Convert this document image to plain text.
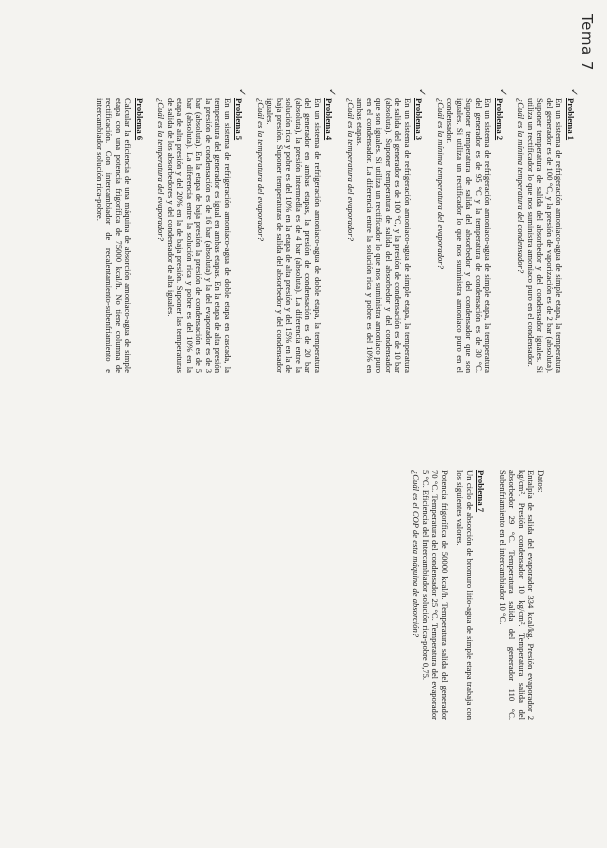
Tema 7
✓
Problema 1
En un sistema de refrigeración amoniaco-agua de simple etapa, la temperatura del generador es de 100 °C, y la presión de vaporización es de 2 bar (absoluta). Suponer temperatura de salida del absorbedor y del condensador iguales. Si utiliza un rectificador lo que nos suministra amoniaco puro en el condensador.
¿Cuál es la mínima temperatura del condensador?
✓
Problema 2
En un sistema de refrigeración amoniaco-agua de simple etapa, la temperatura del generador es de 95 °C y la temperatura de condensación es de 30 °C. Suponer temperatura de salida del absorbedor y del condensador que son iguales. Si utiliza un rectificador lo que nos suministra amoniaco puro en el condensador.
¿Cuál es la mínima temperatura del evaporador?
✓
Problema 3
En un sistema de refrigeración amoniaco-agua de simple etapa, la temperatura de salida del generador es de 100 °C, y la presión de condensación es de 10 bar (absoluta). Suponer temperatura de salida del absorbedor y del condensador que son iguales. Si utiliza un rectificador lo que nos suministra amoniaco puro en el condensador. La diferencia entre la solución rica y pobre es del 10% en ambas etapas.
¿Cuál es la temperatura del evaporador?
✓
Problema 4
En un sistema de refrigeración amoniaco-agua de doble etapa, la temperatura del generador en ambas etapas, la presión de condensación es de 20 bar (absoluta), la presión intermedia es de 4 bar (absoluta). La diferencia entre la solución rica y pobre es del 10% en la etapa de alta presión y del 15% en la de baja presión. Suponer temperaturas de salida del absorbedor y del condensador iguales.
¿Cuál es la temperatura del evaporador?
✓
Problema 5
En un sistema de refrigeración amoniaco-agua de doble etapa en cascada, la temperatura del generador es igual en ambas etapas. En la etapa de alta presión la presión de condensación es de 16 bar (absoluta) y la del evaporador es de 3 bar (absoluta). En la etapa de baja presión la presión de condensación es de 5 bar (absoluta). La diferencia entre la solución rica y pobre es del 10% en la etapa de alta presión y del 20% en la de baja presión. Suponer las temperaturas de salida de los absorbedores y del condensador de alta iguales.
¿Cuál es la temperatura del evaporador?
Problema 6
Calcular la eficiencia de una máquina de absorción amoniaco-agua de simple etapa con una potencia frigorífica de 75000 kcal/h. No tiene columna de rectificación. Con intercambiador de recalentamiento-subenfriamiento e intercambiador solución rica-pobre.
Datos:
Entalpía de salida del evaporador 334 kcal/kg. Presión evaporador 2 kg/cm². Presión condensador 10 kg/cm². Temperatura salida del absorbedor 29 °C. Temperatura salida del generador 110 °C. Subenfriamiento en el intercambiador 10 °C.
Problema 7
Un ciclo de absorción de bromuro litio-agua de simple etapa trabaja con los siguientes valores.
Potencia frigorífica de 50000 kcal/h. Temperatura salida del generador 70 °C. Temperatura del condensador 25 °C. Temperatura del evaporador 5 °C. Eficiencia del Intercambiador solución rica-pobre 0,75.
¿Cuál es el COP de esta máquina de absorción?
